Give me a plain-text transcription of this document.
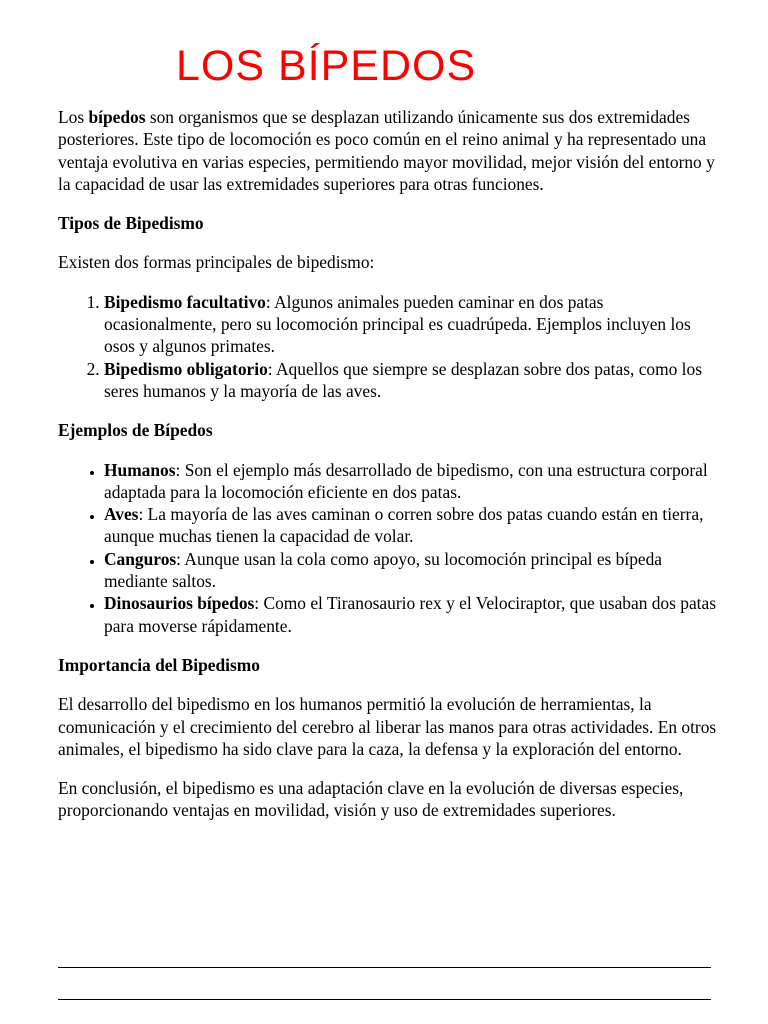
LOS BÍPEDOS

Los bípedos son organismos que se desplazan utilizando únicamente sus dos extremidades posteriores. Este tipo de locomoción es poco común en el reino animal y ha representado una ventaja evolutiva en varias especies, permitiendo mayor movilidad, mejor visión del entorno y la capacidad de usar las extremidades superiores para otras funciones.

Tipos de Bipedismo

Existen dos formas principales de bipedismo:

1. Bipedismo facultativo: Algunos animales pueden caminar en dos patas ocasionalmente, pero su locomoción principal es cuadrúpeda. Ejemplos incluyen los osos y algunos primates.
2. Bipedismo obligatorio: Aquellos que siempre se desplazan sobre dos patas, como los seres humanos y la mayoría de las aves.
Ejemplos de Bípedos
• Humanos: Son el ejemplo más desarrollado de bipedismo, con una estructura corporal adaptada para la locomoción eficiente en dos patas.
• Aves: La mayoría de las aves caminan o corren sobre dos patas cuando están en tierra, aunque muchas tienen la capacidad de volar.
• Canguros: Aunque usan la cola como apoyo, su locomoción principal es bípeda mediante saltos.
• Dinosaurios bípedos: Como el Tiranosaurio rex y el Velociraptor, que usaban dos patas para moverse rápidamente.
Importancia del Bipedismo

El desarrollo del bipedismo en los humanos permitió la evolución de herramientas, la comunicación y el crecimiento del cerebro al liberar las manos para otras actividades. En otros animales, el bipedismo ha sido clave para la caza, la defensa y la exploración del entorno.

En conclusión, el bipedismo es una adaptación clave en la evolución de diversas especies, proporcionando ventajas en movilidad, visión y uso de extremidades superiores.
